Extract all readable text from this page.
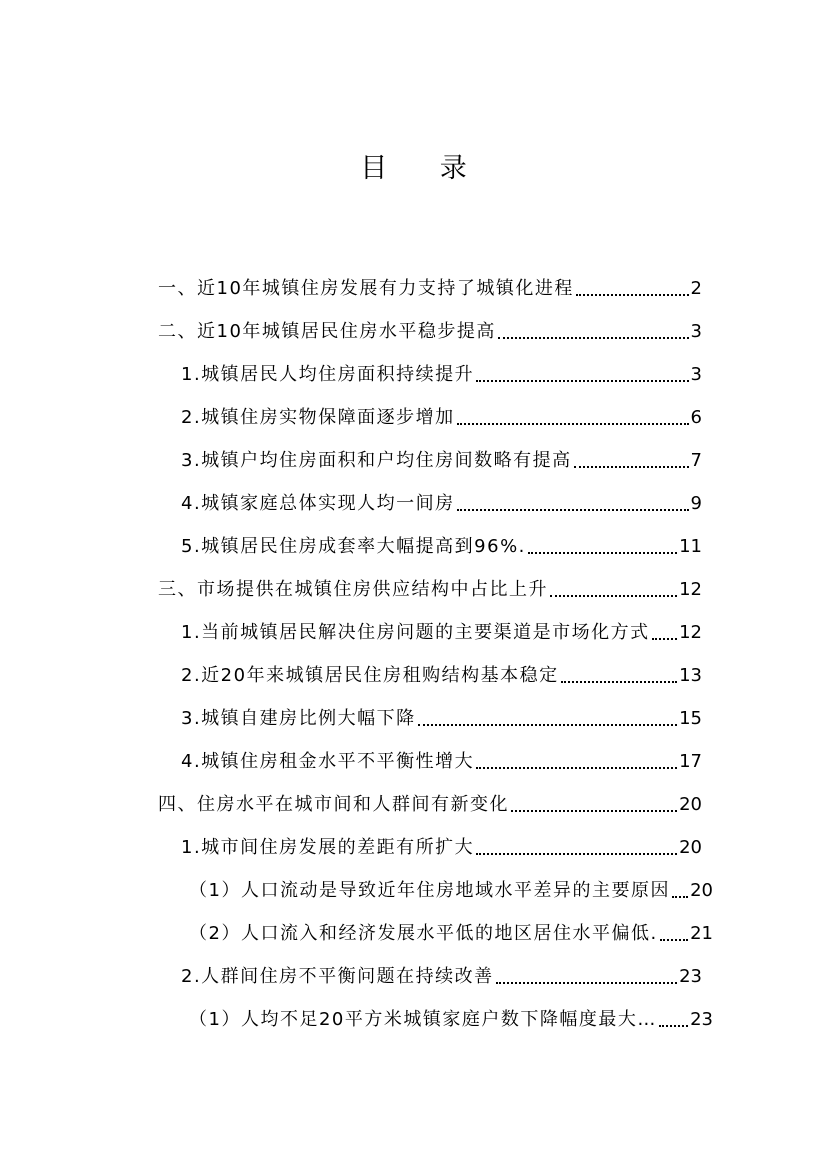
目 录
一、近10年城镇住房发展有力支持了城镇化进程	2
二、近10年城镇居民住房水平稳步提高	3
1.城镇居民人均住房面积持续提升	3
2.城镇住房实物保障面逐步增加	6
3.城镇户均住房面积和户均住房间数略有提高	7
4.城镇家庭总体实现人均一间房	9
5.城镇居民住房成套率大幅提高到96%.	11
三、市场提供在城镇住房供应结构中占比上升	12
1.当前城镇居民解决住房问题的主要渠道是市场化方式 12
2.近20年来城镇居民住房租购结构基本稳定	13
3.城镇自建房比例大幅下降	15
4.城镇住房租金水平不平衡性增大	17
四、住房水平在城市间和人群间有新变化	20
1.城市间住房发展的差距有所扩大	20
（1）人口流动是导致近年住房地域水平差异的主要原因 20
（2）人口流入和经济发展水平低的地区居住水平偏低. 21
2.人群间住房不平衡问题在持续改善	23
（1）人均不足20平方米城镇家庭户数下降幅度最大… 23
